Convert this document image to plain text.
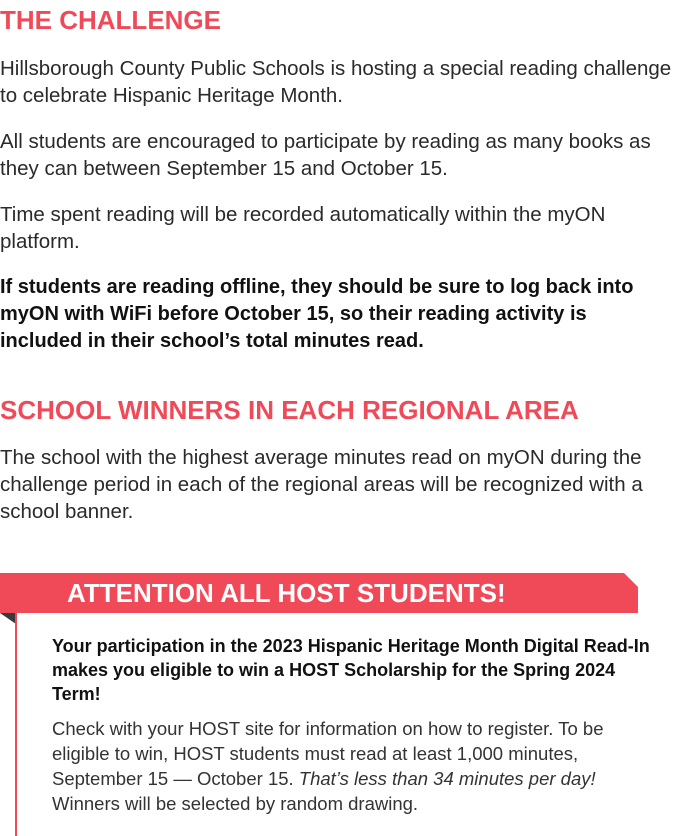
THE CHALLENGE

Hillsborough County Public Schools is hosting a special reading challenge to celebrate Hispanic Heritage Month.

All students are encouraged to participate by reading as many books as they can between September 15 and October 15.

Time spent reading will be recorded automatically within the myON platform.

If students are reading offline, they should be sure to log back into myON with WiFi before October 15, so their reading activity is included in their school’s total minutes read.

SCHOOL WINNERS IN EACH REGIONAL AREA

The school with the highest average minutes read on myON during the challenge period in each of the regional areas will be recognized with a school banner.

ATTENTION ALL HOST STUDENTS!

Your participation in the 2023 Hispanic Heritage Month Digital Read-In makes you eligible to win a HOST Scholarship for the Spring 2024 Term!

Check with your HOST site for information on how to register. To be eligible to win, HOST students must read at least 1,000 minutes, September 15 — October 15. That’s less than 34 minutes per day! Winners will be selected by random drawing.
